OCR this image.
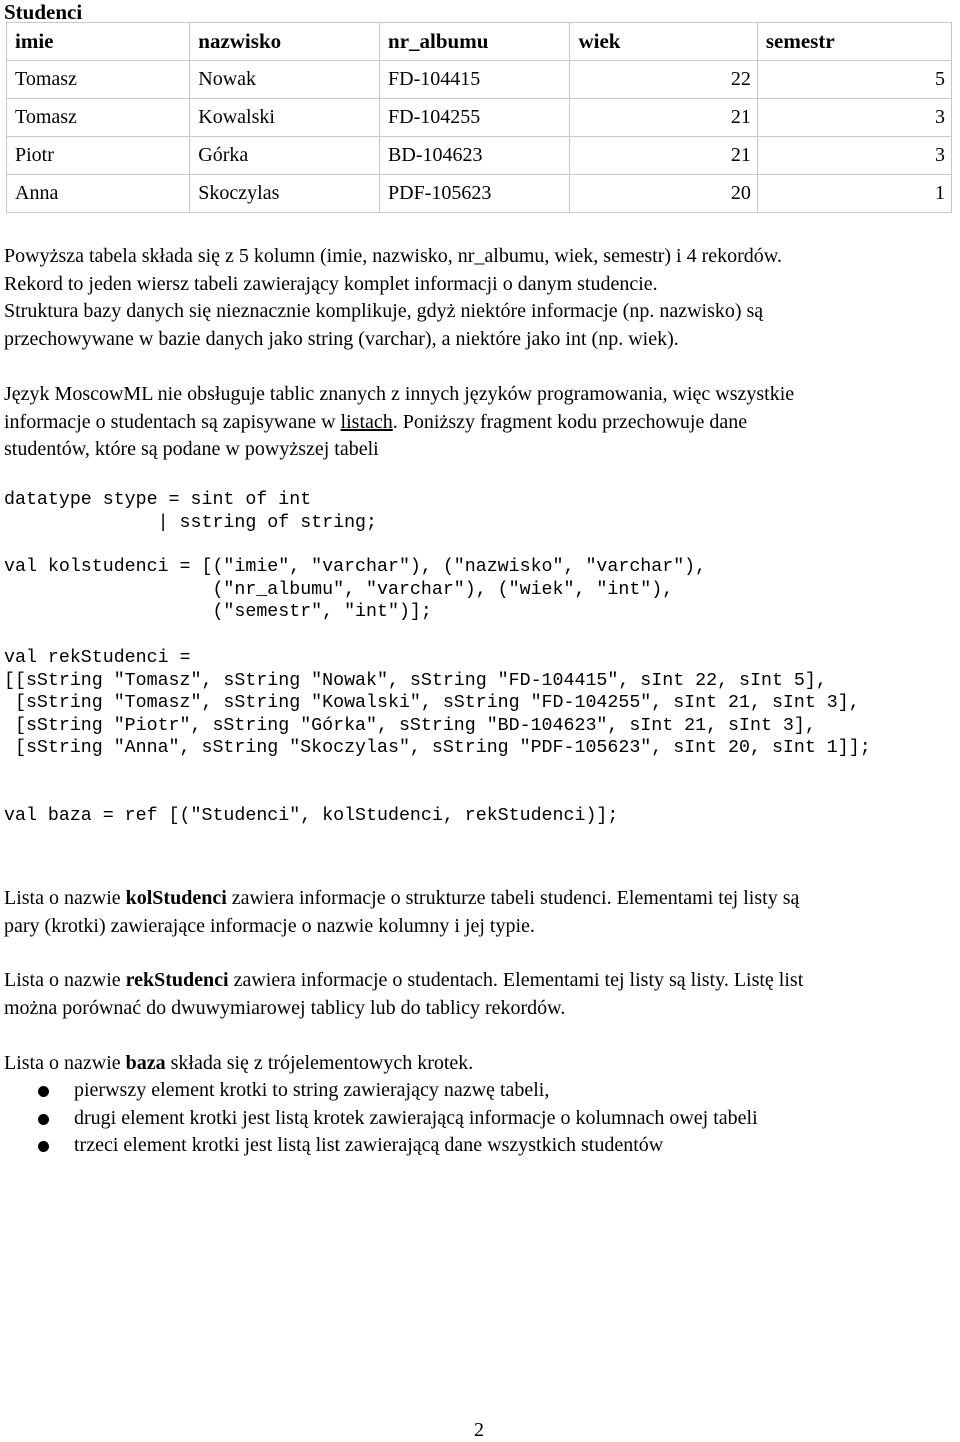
Studenci
imie	nazwisko	nr_albumu	wiek	semestr
Tomasz	Nowak	FD-104415	22	5
Tomasz	Kowalski	FD-104255	21	3
Piotr	Górka	BD-104623	21	3
Anna	Skoczylas	PDF-105623	20	1
Powyższa tabela składa się z 5 kolumn (imie, nazwisko, nr_albumu, wiek, semestr) i 4 rekordów.
Rekord to jeden wiersz tabeli zawierający komplet informacji o danym studencie.
Struktura bazy danych się nieznacznie komplikuje, gdyż niektóre informacje (np. nazwisko) są
przechowywane w bazie danych jako string (varchar), a niektóre jako int (np. wiek).
Język MoscowML nie obsługuje tablic znanych z innych języków programowania, więc wszystkie
informacje o studentach są zapisywane w listach. Poniższy fragment kodu przechowuje dane
studentów, które są podane w powyższej tabeli
datatype stype = sint of int
| sstring of string;
val kolstudenci = [("imie", "varchar"), ("nazwisko", "varchar"),
("nr_albumu", "varchar"), ("wiek", "int"),
("semestr", "int")];
val rekStudenci =
[[sString "Tomasz", sString "Nowak", sString "FD-104415", sInt 22, sInt 5],
[sString "Tomasz", sString "Kowalski", sString "FD-104255", sInt 21, sInt 3],
[sString "Piotr", sString "Górka", sString "BD-104623", sInt 21, sInt 3],
[sString "Anna", sString "Skoczylas", sString "PDF-105623", sInt 20, sInt 1]];
val baza = ref [("Studenci", kolStudenci, rekStudenci)];
Lista o nazwie kolStudenci zawiera informacje o strukturze tabeli studenci. Elementami tej listy są
pary (krotki) zawierające informacje o nazwie kolumny i jej typie.
Lista o nazwie rekStudenci zawiera informacje o studentach. Elementami tej listy są listy. Listę list
można porównać do dwuwymiarowej tablicy lub do tablicy rekordów.
Lista o nazwie baza składa się z trójelementowych krotek.
pierwszy element krotki to string zawierający nazwę tabeli,
drugi element krotki jest listą krotek zawierającą informacje o kolumnach owej tabeli
trzeci element krotki jest listą list zawierającą dane wszystkich studentów
2
